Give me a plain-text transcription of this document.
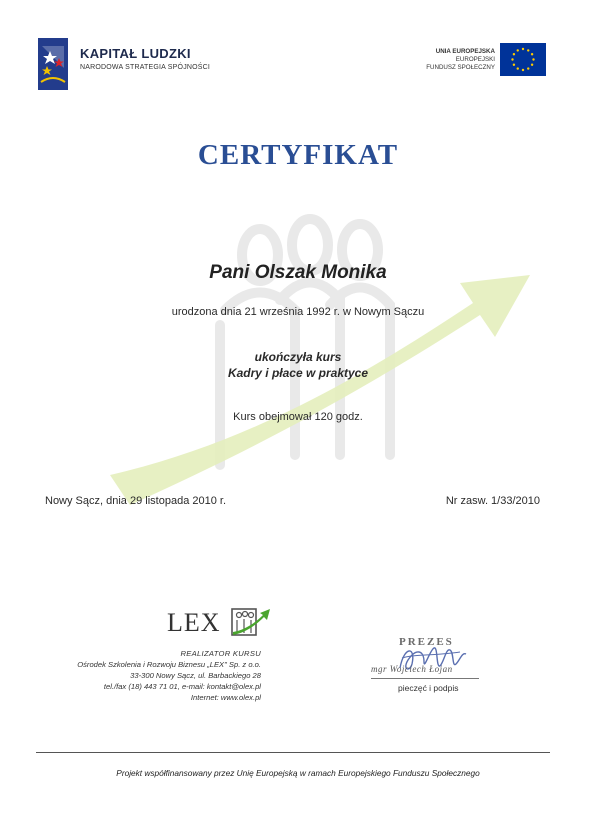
KAPITAŁ LUDZKI
NARODOWA STRATEGIA SPÓJNOŚCI
UNIA EUROPEJSKA
EUROPEJSKI
FUNDUSZ SPOŁECZNY
CERTYFIKAT
Pani Olszak Monika
urodzona dnia 21 września 1992 r. w Nowym Sączu
ukończyła kurs
Kadry i płace w praktyce
Kurs obejmował 120 godz.
Nowy Sącz, dnia 29 listopada 2010 r.	Nr zasw. 1/33/2010
LEX
REALIZATOR KURSU
Ośrodek Szkolenia i Rozwoju Biznesu „LEX" Sp. z o.o.
33-300 Nowy Sącz, ul. Barbackiego 28
tel./fax (18) 443 71 01, e-mail: kontakt@olex.pl
Internet: www.olex.pl
PREZES
mgr Wojciech Łojan
pieczęć i podpis
Projekt współfinansowany przez Unię Europejską w ramach Europejskiego Funduszu Społecznego
